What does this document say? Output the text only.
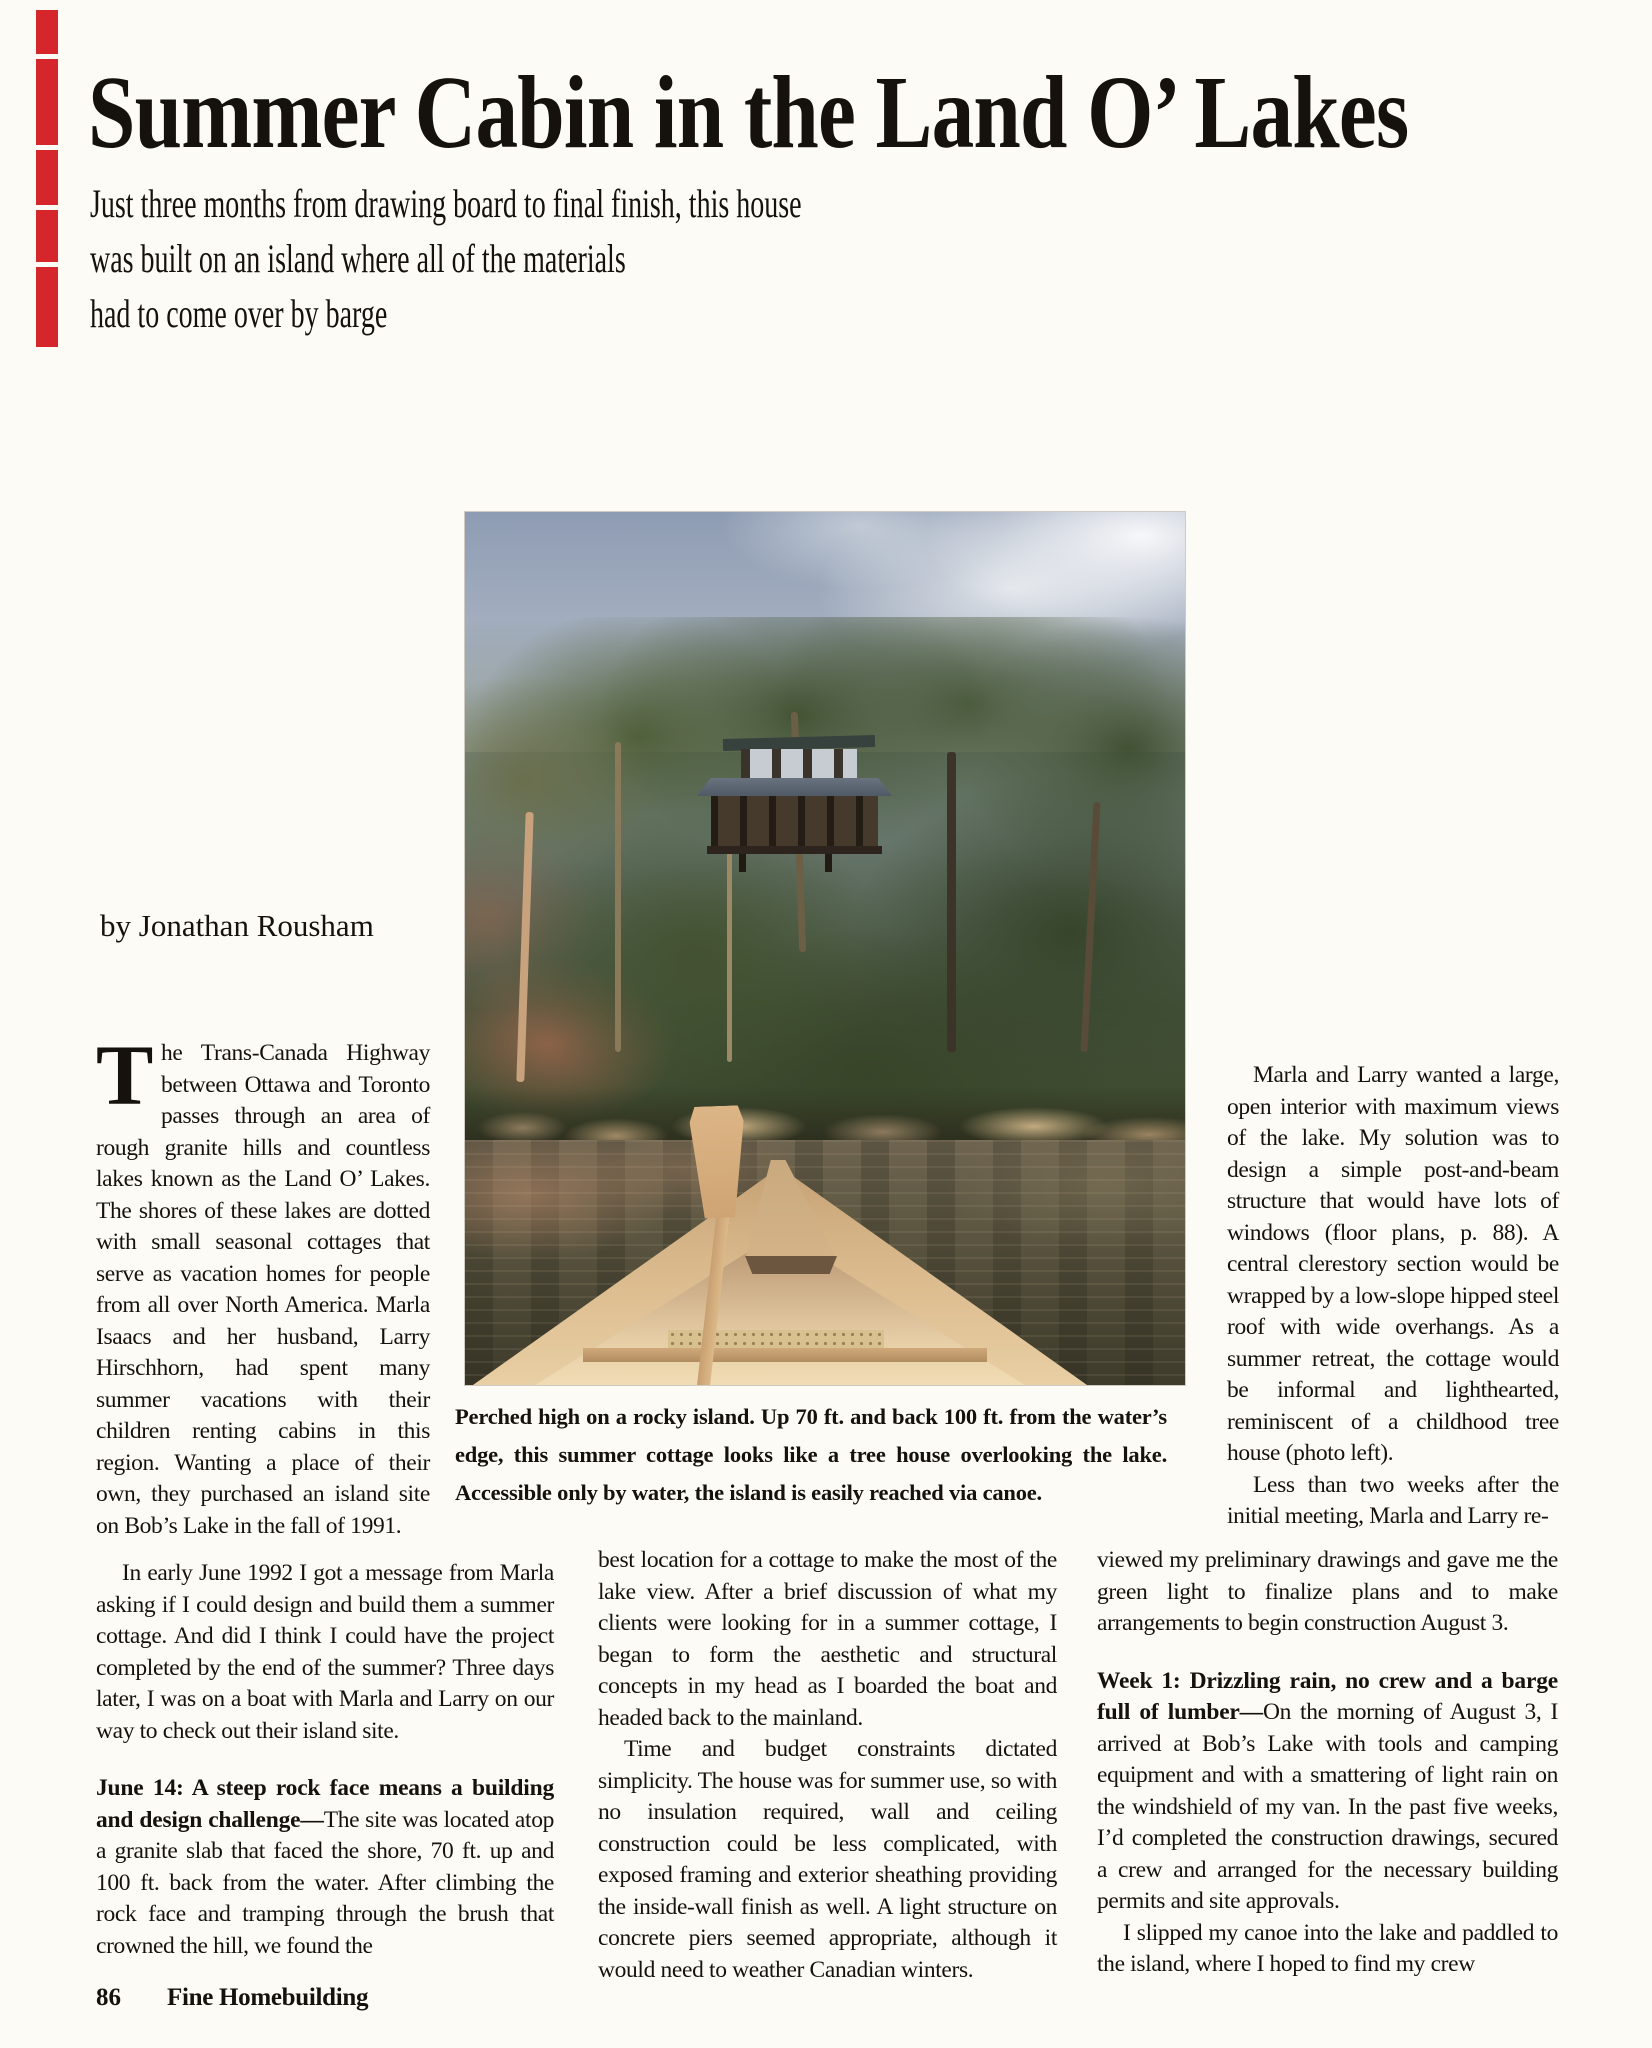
Summer Cabin in the Land O’ Lakes
Just three months from drawing board to final finish, this house
was built on an island where all of the materials
had to come over by barge
by Jonathan Rousham

Perched high on a rocky island. Up 70 ft. and back 100 ft. from the water’s edge, this summer cottage looks like a tree house overlooking the lake. Accessible only by water, the island is easily reached via canoe.

The Trans-Canada Highway between Ottawa and Toronto passes through an area of rough granite hills and countless lakes known as the Land O’ Lakes. The shores of these lakes are dotted with small seasonal cottages that serve as vacation homes for people from all over North America. Marla Isaacs and her husband, Larry Hirschhorn, had spent many summer vacations with their children renting cabins in this region. Wanting a place of their own, they purchased an island site on Bob’s Lake in the fall of 1991.

In early June 1992 I got a message from Marla asking if I could design and build them a summer cottage. And did I think I could have the project completed by the end of the summer? Three days later, I was on a boat with Marla and Larry on our way to check out their island site.

June 14: A steep rock face means a building and design challenge—The site was located atop a granite slab that faced the shore, 70 ft. up and 100 ft. back from the water. After climbing the rock face and tramping through the brush that crowned the hill, we found the

best location for a cottage to make the most of the lake view. After a brief discussion of what my clients were looking for in a summer cottage, I began to form the aesthetic and structural concepts in my head as I boarded the boat and headed back to the mainland.

Time and budget constraints dictated simplicity. The house was for summer use, so with no insulation required, wall and ceiling construction could be less complicated, with exposed framing and exterior sheathing providing the inside-wall finish as well. A light structure on concrete piers seemed appropriate, although it would need to weather Canadian winters.

Marla and Larry wanted a large, open interior with maximum views of the lake. My solution was to design a simple post-and-beam structure that would have lots of windows (floor plans, p. 88). A central clerestory section would be wrapped by a low-slope hipped steel roof with wide overhangs. As a summer retreat, the cottage would be informal and lighthearted, reminiscent of a childhood tree house (photo left).

Less than two weeks after the initial meeting, Marla and Larry re-

viewed my preliminary drawings and gave me the green light to finalize plans and to make arrangements to begin construction August 3.

Week 1: Drizzling rain, no crew and a barge full of lumber—On the morning of August 3, I arrived at Bob’s Lake with tools and camping equipment and with a smattering of light rain on the windshield of my van. In the past five weeks, I’d completed the construction drawings, secured a crew and arranged for the necessary building permits and site approvals.

I slipped my canoe into the lake and paddled to the island, where I hoped to find my crew

86 Fine Homebuilding
